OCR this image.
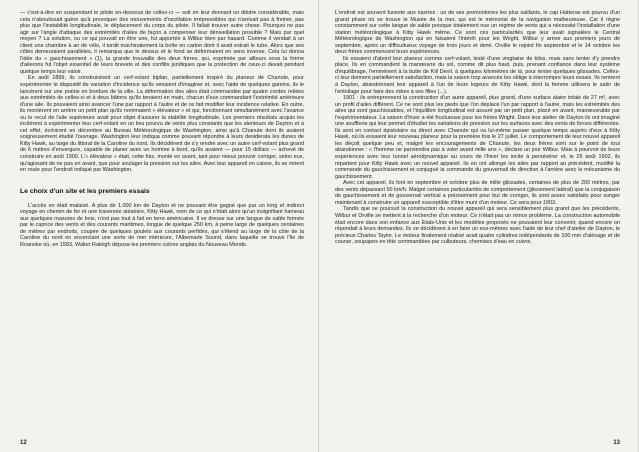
— c'est-à-dire en suspendant le pilote en-dessous de celles-ci — soit en leur donnant un dièdre considérable, mais cela n'aboutissait guère qu'à provoquer des mouvements d'oscillation irrépressibles qui n'arrivait pas à freiner, pas plus que l'instabilité longitudinale, le déplacement du corps du pilote. Il fallait trouver autre chose. Pourquoi ne pas agir sur l'angle d'attaque des extrémités d'ailes de façon à compenser leur dénivellation possible ? Mais par quel moyen ? La solution, ou ce qui pouvait en être une, fut apportée à Wilbur bien par hasard. Comme il vendait à un client une chambre à air de vélo, il tordit machinalement la boîte en carton dont il avait extrait le tube. Alors que ses côtés demeuraient parallèles, il remarqua que le dessus et le fond se déformaient en sens inverse. Cela lui donna l'idée du « gauchissement » (1), la grande trouvaille des deux frères, qui, exprimée par ailleurs sous la forme d'ailerons fut l'objet essentiel de leurs brevets et des conflits juridiques que la protection de ceux-ci devait pendant quelque temps leur valoir.

En août 1899, ils construisirent un cerf-volant biplan, partiellement inspiré du planeur de Chanute, pour expérimenter le dispositif de variation d'incidence qu'ils venaient d'imaginer et, avec l'aide de quelques gamins, ils le lancèrent sur une prairie en bordure de la ville. La déformation des ailes était commandée par quatre cordes reliées aux extrémités de celles-ci et à deux bâtons qu'ils tenaient en main, chacun d'eux commandant l'extrémité antérieure d'une aile. Ils pouvaient ainsi avancer l'une par rapport à l'autre et de ce fait modifier leur incidence relative. En outre, ils montèrent en arrière un petit plan qu'ils nommaient « élévateur » et qui, fonctionnant simultanément avec l'avance ou le recul de l'aile supérieure avait pour objet d'assurer la stabilité longitudinale. Les premiers résultats acquis les incitèrent à expérimenter leur cerf-volant en un lieu pourvu de vents plus constants que les alentours de Dayton et à cet effet, écrivirent en décembre au Bureau Météorologique de Washington, ainsi qu'à Chanute dont ils avaient soigneusement étudié l'ouvrage. Washington leur indiqua comme pouvant répondre à leurs desiderata les dunes de Kitty Hawk, au large du littoral de la Caroline du nord. Ils décidèrent de s'y rendre avec un autre cerf-volant plus grand de 6 mètres d'envergure, capable de planer avec un homme à bord, qu'ils avaient — pour 15 dollars — achevé de construire en août 1900. L'« élévateur » était, cette fois, monté en avant, tant pour mieux pouvoir corriger, selon eux, qu'agissant de ne pas en avant, que pour soulager la pression sur les ailes. Avec leur appareil en caisse, ils se mirent en route pour l'endroit indiqué par Washington.

Le choix d'un site et les premiers essais

L'accès en était malaisé. A plus de 1.000 km de Dayton et ne pouvant être gagné que par un long et indirect voyage en chemin de fer et une traversée aléatoire, Kitty Hawk, nom de ce qui n'était alors qu'un insignifiant hameau aux quelques masures de bois, n'est pas tout à fait en terre américaine. Il se dresse sur une langue de sable formée par le caprice des vents et des courants maritimes, longue de quelque 250 km, à peine large de quelques centaines de mètres par endroits, coupée de quelques goulets aux courants perfides, qui s'étend au large de la côte de la Caroline du nord en encerclant une sorte de mer intérieure, l'Albemarle Sound, dans laquelle se trouve l'île de Roanoke où, en 1583, Walter Raleigh déposa les premiers colons anglais du Nouveau Monde.

12

L'endroit est souvent funeste aux navires : un de ses promontoires les plus saillants, le cap Hatteras est pourvu d'un grand phare où se trouve le Musée de la mer, qui est le mémorial de la navigation malheureuse. Car il règne constamment sur cette langue de sable presque totalement nue un régime de vents qui a nécessité l'installation d'une station météorologique à Kitty Hawk même. Ce sont ces particularités que leur avait signalées le Central Météorologique de Washington qui en faisaient l'intérêt pour les Wright. Wilbur y arrive aux premiers jours de septembre, après un difficultueux voyage de trois jours et demi. Orville le rejoint fin septembre et le 14 octobre les deux frères commencent leurs expériences.

Ils essaient d'abord leur planeur comme cerf-volant, lesté d'une vingtaine de kilos, mais sans tenter d'y prendre place. Ils en commandent la manœuvre du sol, comme dit plus haut, puis, prenant confiance dans leur système d'équilibrage, l'emmènent à la butte de Kill Devil, à quelques kilomètres de là, pour tenter quelques glissades. Celles-ci leur donnent partiellement satisfaction, mais la saison trop avancée les oblige à interrompre leurs essais. Ils rentrent à Dayton, abandonnant leur appareil à l'un de leurs logeurs de Kitty Hawk, dont la femme utilisera le satin de l'entoilage pour faire des robes à ses filles (...).

1901 : ils entreprennent la construction d'un autre appareil, plus grand, d'une surface alaire totale de 27 m², avec un profil d'ailes différent. Ce ne sont plus les pieds que l'on déplace l'un par rapport à l'autre, mais les extrémités des ailes qui sont gauchissables, et l'équilibre longitudinal est assuré par un petit plan, placé en avant, manœuvrable par l'expérimentateur. La saison d'hiver a été fructueuse pour les frères Wright. Dans leur atelier de Dayton ils ont imaginé une soufflerie qui leur permet d'étudier les variations de pression sur les surfaces avec des vents de forces différentes. Ils sont en contact épistolaire ou direct avec Chanute qui va lui-même passer quelque temps auprès d'eux à Kitty Hawk, où ils essaient leur nouveau planeur pour la première fois le 27 juillet. Le comportement de leur nouvel appareil les déçoit quelque peu et, malgré les encouragements de Chanute, les deux frères sont sur le point de tout abandonner : « l'homme ne parviendra pas à voler avant mille ans », déclare un jour Wilbur. Mais à pourvoir de leurs expériences avec leur tunnel aérodynamique au cours de l'hiver les incite à persévérer et, le 25 août 1902, ils repartent pour Kitty Hawk avec un nouvel appareil. Ils en ont allongé les ailes par rapport au précédent, modifié la commande du gauchissement et conjugué la commande du gouvernail de direction à l'arrière avec le mécanisme du gauchissement.

Avec cet appareil, ils font en septembre et octobre plus de mille glissades, certaines de plus de 200 mètres, par des vents dépassant 50 km/h. Malgré certaines particularités de comportement (glissement latéral) que la conjugaison de gauchissement et de gouvernail vertical a précisément pour but de corriger, ils sont assez satisfaits pour songer maintenant à construire un appareil susceptible d'être muni d'un moteur. Ce sera pour 1903.

Tandis que se poursuit la construction du nouvel appareil qui sera sensiblement plus grand que les précédents, Wilbur et Orville se mettent à la recherche d'un moteur. Ce n'était pas un mince problème. La construction automobile était encore dans son enfance aux Etats-Unis et les modèles proposés ne pouvaient leur convenir, quand encore on répondait à leurs demandes. Ils se décidèrent à en faire un eux-mêmes avec l'aide de leur chef d'atelier de Dayton, le précieux Charles Taylor. Le moteur finalement réalisé avait quatre cylindres indépendants de 100 mm d'alésage et de course, soupapes en tête commandées par culbuteurs, chemises d'eau en cuivre,

13
